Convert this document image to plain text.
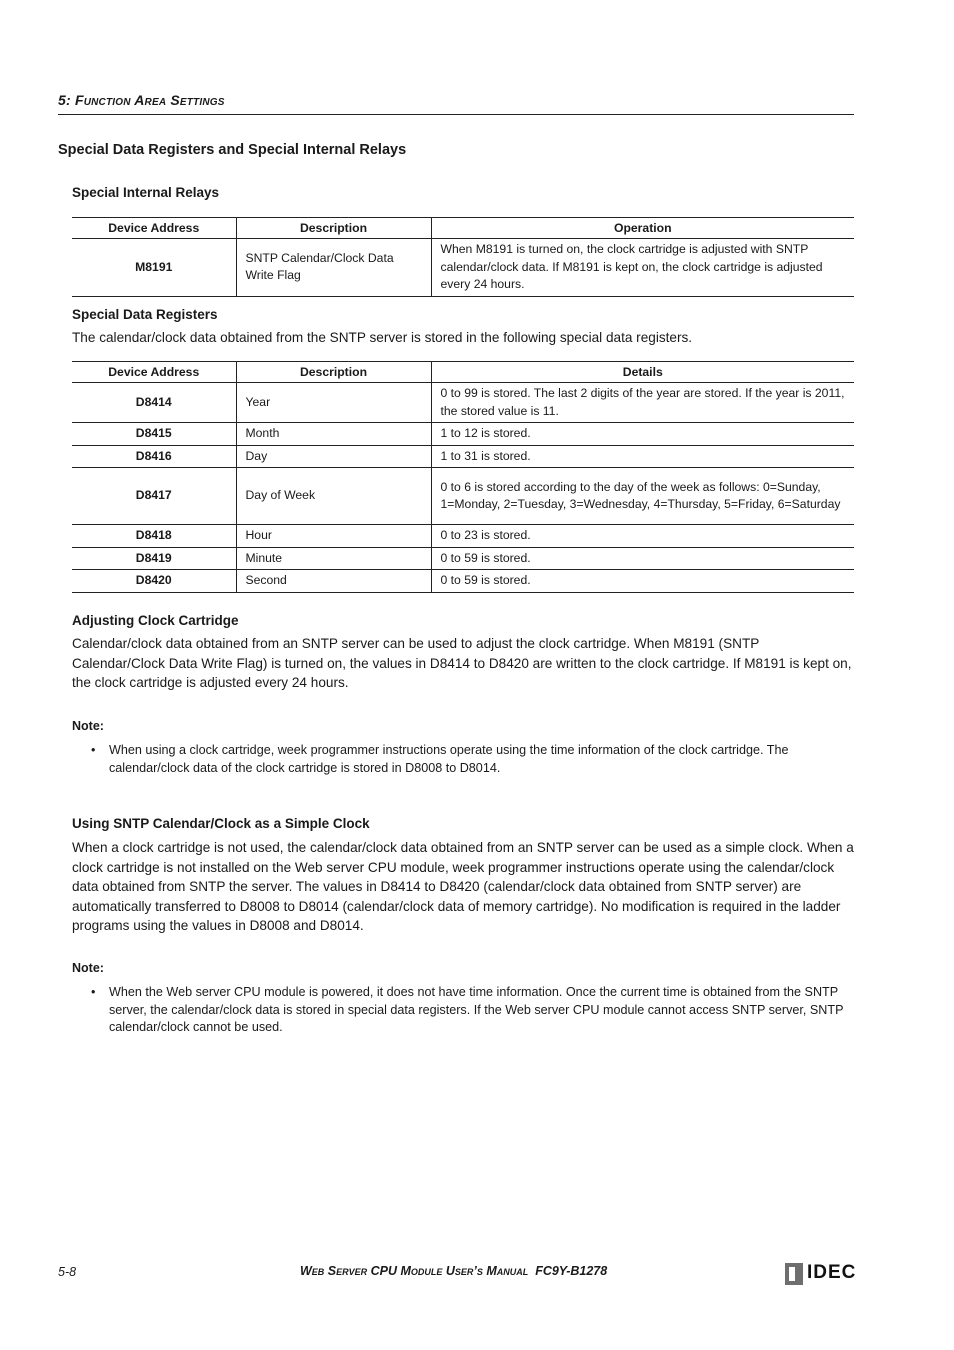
5: Function Area Settings
Special Data Registers and Special Internal Relays
Special Internal Relays
Device Address	Description	Operation
M8191	SNTP Calendar/Clock Data Write Flag	When M8191 is turned on, the clock cartridge is adjusted with SNTP calendar/clock data. If M8191 is kept on, the clock cartridge is adjusted every 24 hours.
Special Data Registers
The calendar/clock data obtained from the SNTP server is stored in the following special data registers.
Device Address	Description	Details
D8414	Year	0 to 99 is stored. The last 2 digits of the year are stored. If the year is 2011, the stored value is 11.
D8415	Month	1 to 12 is stored.
D8416	Day	1 to 31 is stored.
D8417	Day of Week	0 to 6 is stored according to the day of the week as follows: 0=Sunday, 1=Monday, 2=Tuesday, 3=Wednesday, 4=Thursday, 5=Friday, 6=Saturday
D8418	Hour	0 to 23 is stored.
D8419	Minute	0 to 59 is stored.
D8420	Second	0 to 59 is stored.
Adjusting Clock Cartridge
Calendar/clock data obtained from an SNTP server can be used to adjust the clock cartridge. When M8191 (SNTP Calendar/Clock Data Write Flag) is turned on, the values in D8414 to D8420 are written to the clock cartridge. If M8191 is kept on, the clock cartridge is adjusted every 24 hours.
Note:
• When using a clock cartridge, week programmer instructions operate using the time information of the clock cartridge. The calendar/clock data of the clock cartridge is stored in D8008 to D8014.
Using SNTP Calendar/Clock as a Simple Clock
When a clock cartridge is not used, the calendar/clock data obtained from an SNTP server can be used as a simple clock. When a clock cartridge is not installed on the Web server CPU module, week programmer instructions operate using the calendar/clock data obtained from SNTP the server. The values in D8414 to D8420 (calendar/clock data obtained from SNTP server) are automatically transferred to D8008 to D8014 (calendar/clock data of memory cartridge). No modification is required in the ladder programs using the values in D8008 and D8014.
Note:
• When the Web server CPU module is powered, it does not have time information. Once the current time is obtained from the SNTP server, the calendar/clock data is stored in special data registers. If the Web server CPU module cannot access SNTP server, SNTP calendar/clock cannot be used.
5-8	Web Server CPU Module User’s Manual FC9Y-B1278	IDEC
